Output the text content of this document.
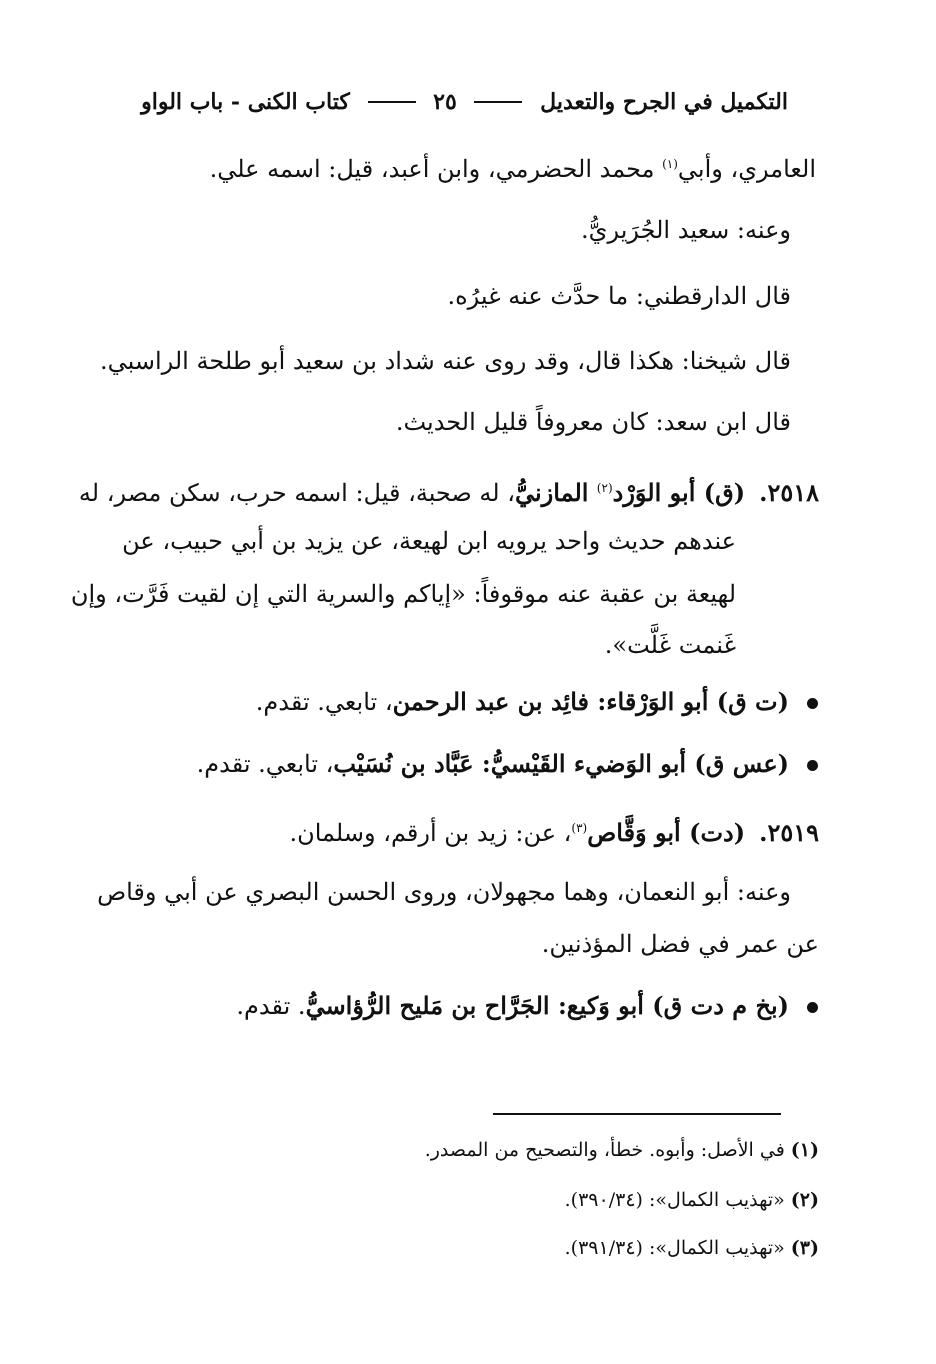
التكميل في الجرح والتعديل  ٢٥  كتاب الكنى - باب الواو
العامري، وأبي$^{(١)}$ محمد الحضرمي، وابن أعبد، قيل: اسمه علي.
وعنه: سعيد الجُرَيريُّ.
قال الدارقطني: ما حدَّث عنه غيرُه.
قال شيخنا: هكذا قال، وقد روى عنه شداد بن سعيد أبو طلحة الراسبي.
قال ابن سعد: كان معروفاً قليل الحديث.
٢٥١٨.(ق) أبو الوَرْد$^{(٢)}$ المازنيُّ، له صحبة، قيل: اسمه حرب، سكن مصر، له
عندهم حديث واحد يرويه ابن لهيعة، عن يزيد بن أبي حبيب، عن
لهيعة بن عقبة عنه موقوفاً: «إياكم والسرية التي إن لقيت فَرَّت، وإن
غَنمت غَلَّت».
(ت ق) أبو الوَرْقاء: فائِد بن عبد الرحمن، تابعي. تقدم.
(عس ق) أبو الوَضيء القَيْسيُّ: عَبَّاد بن نُسَيْب، تابعي. تقدم.
٢٥١٩.(دت) أبو وَقَّاص$^{(٣)}$، عن: زيد بن أرقم، وسلمان.
وعنه: أبو النعمان، وهما مجهولان، وروى الحسن البصري عن أبي وقاص
عن عمر في فضل المؤذنين.
(بخ م دت ق) أبو وَكيع: الجَرَّاح بن مَليح الرُّؤاسيُّ. تقدم.
(١)في الأصل: وأبوه. خطأ، والتصحيح من المصدر.
(٢)«تهذيب الكمال»: (٣٩٠/٣٤).
(٣)«تهذيب الكمال»: (٣٩١/٣٤).
